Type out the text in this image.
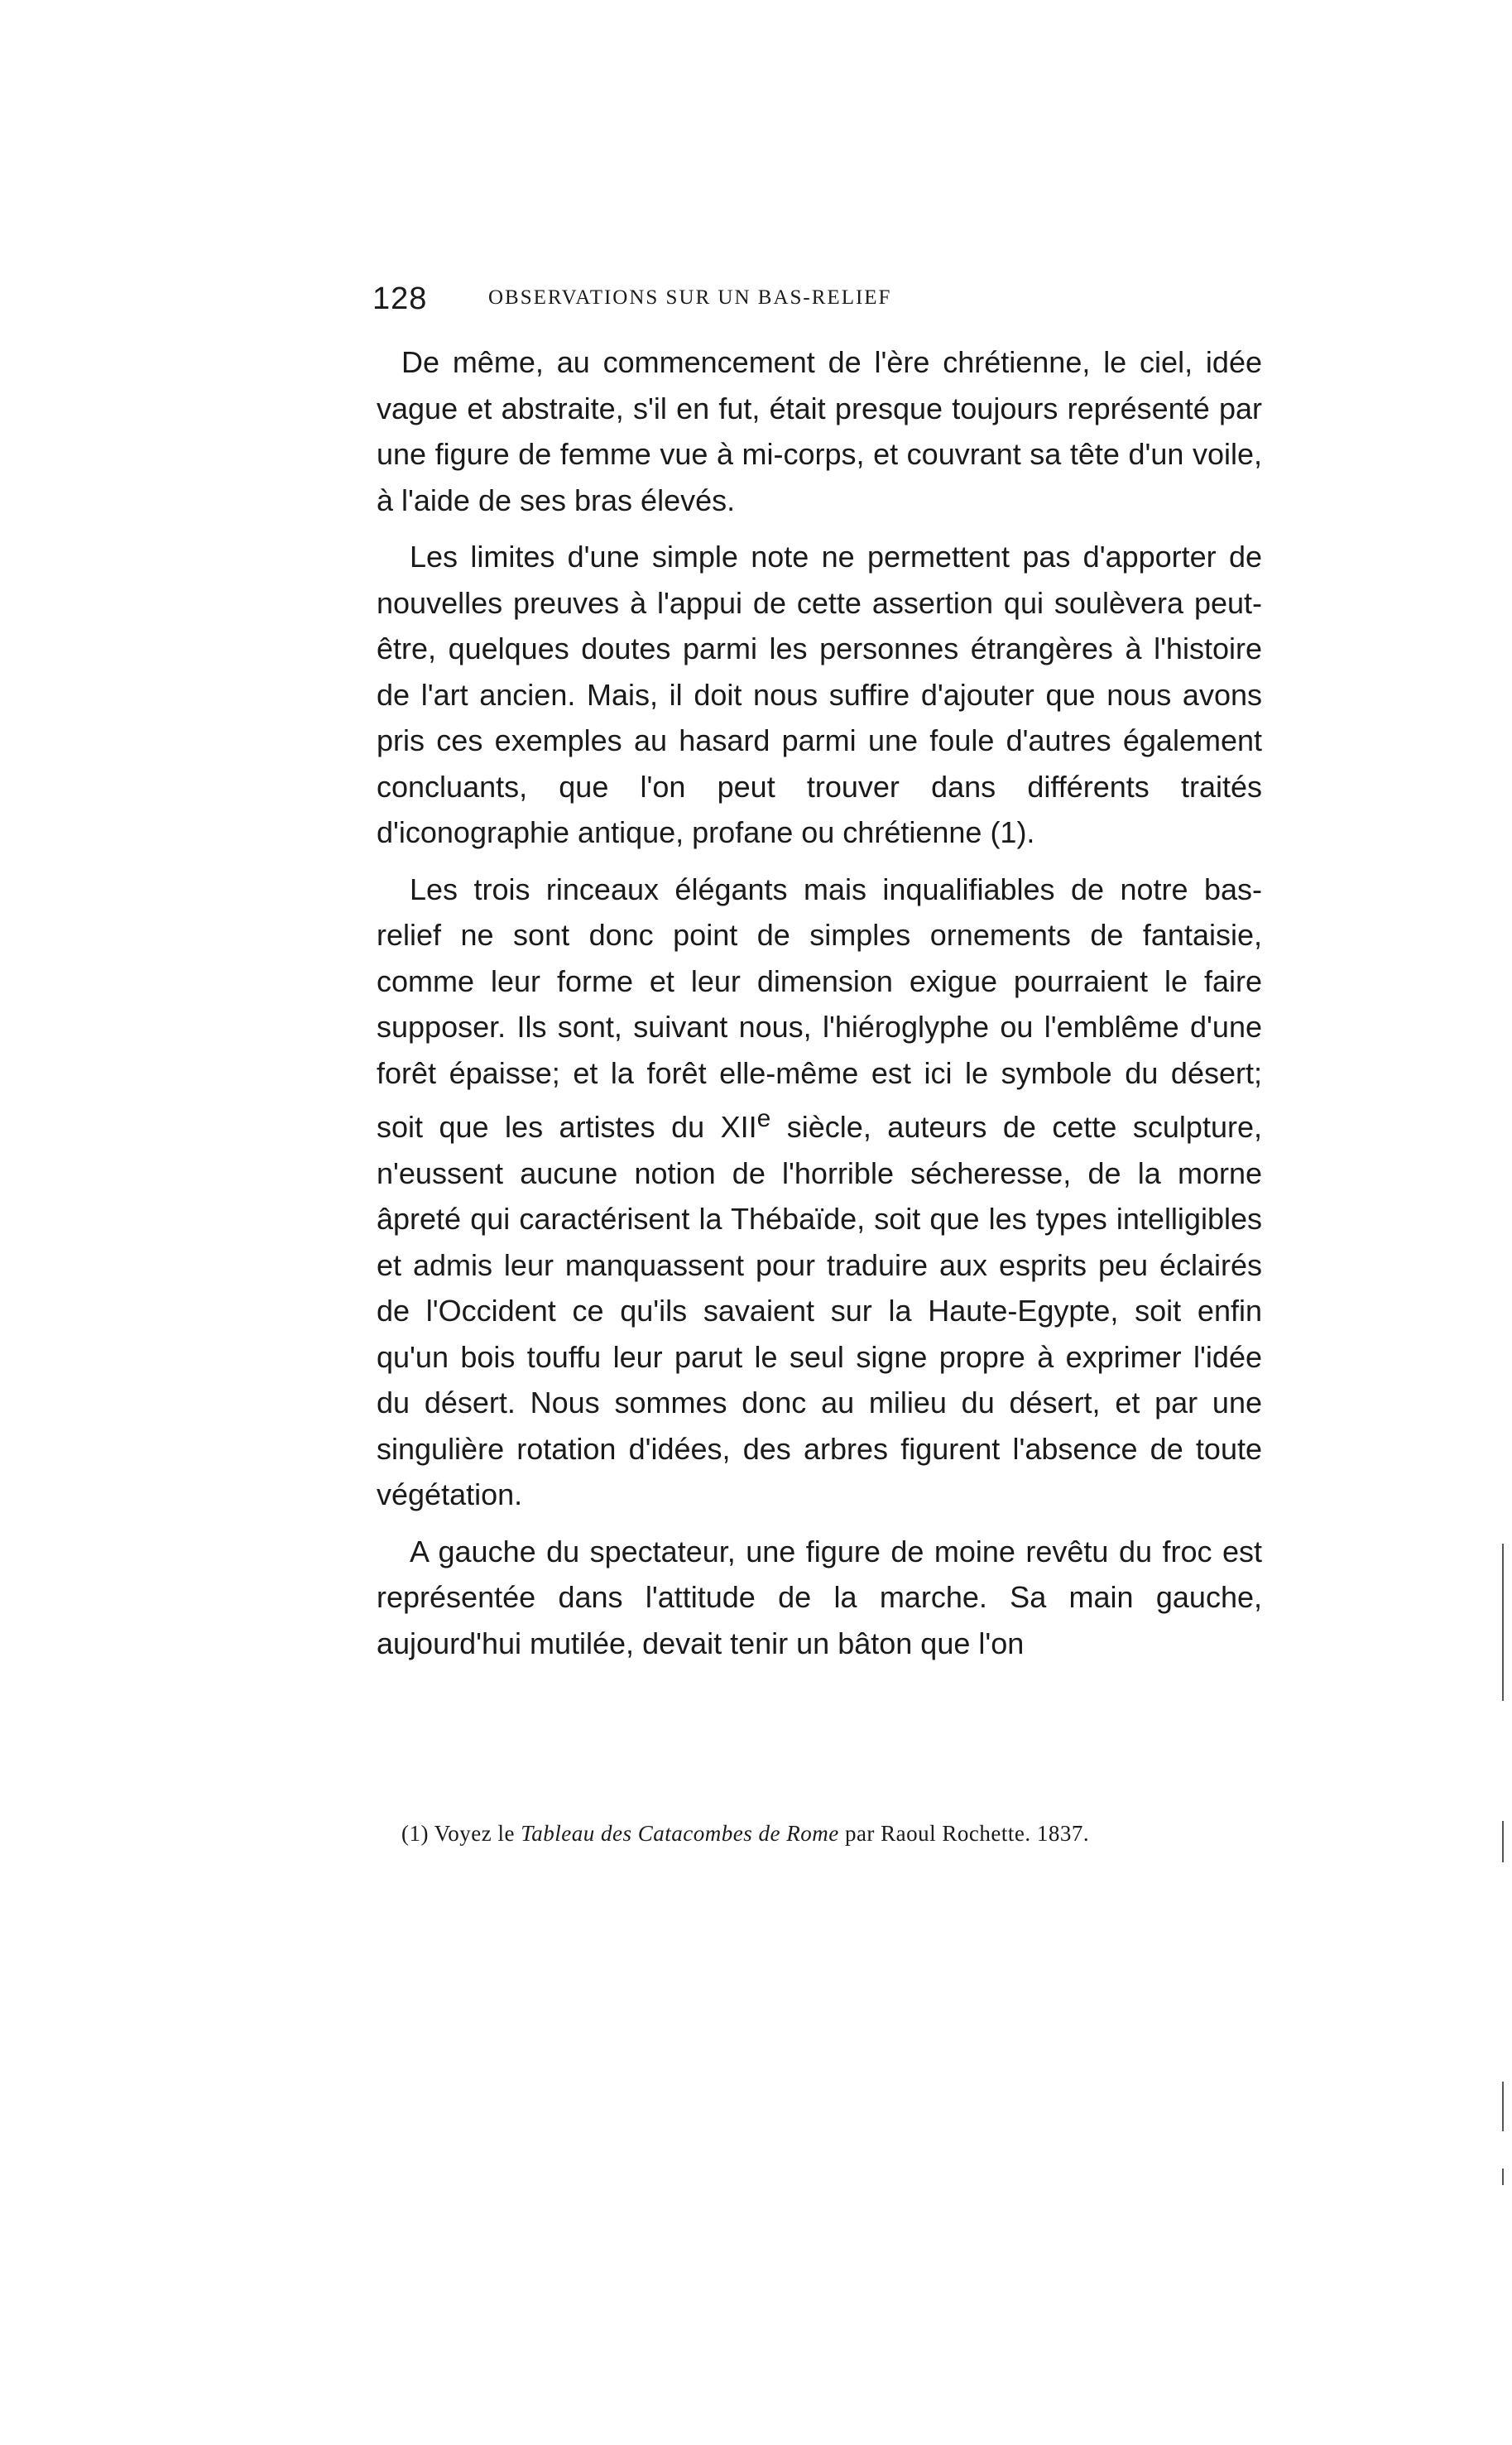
128	OBSERVATIONS SUR UN BAS-RELIEF

De même, au commencement de l'ère chrétienne, le ciel, idée vague et abstraite, s'il en fut, était presque toujours représenté par une figure de femme vue à mi-corps, et couvrant sa tête d'un voile, à l'aide de ses bras élevés.

Les limites d'une simple note ne permettent pas d'apporter de nouvelles preuves à l'appui de cette assertion qui soulèvera peut-être, quelques doutes parmi les personnes étrangères à l'histoire de l'art ancien. Mais, il doit nous suffire d'ajouter que nous avons pris ces exemples au hasard parmi une foule d'autres également concluants, que l'on peut trouver dans différents traités d'iconographie antique, profane ou chrétienne (1).

Les trois rinceaux élégants mais inqualifiables de notre bas-relief ne sont donc point de simples ornements de fantaisie, comme leur forme et leur dimension exigue pourraient le faire supposer. Ils sont, suivant nous, l'hiéroglyphe ou l'emblême d'une forêt épaisse; et la forêt elle-même est ici le symbole du désert; soit que les artistes du XIIe siècle, auteurs de cette sculpture, n'eussent aucune notion de l'horrible sécheresse, de la morne âpreté qui caractérisent la Thébaïde, soit que les types intelligibles et admis leur manquassent pour traduire aux esprits peu éclairés de l'Occident ce qu'ils savaient sur la Haute-Egypte, soit enfin qu'un bois touffu leur parut le seul signe propre à exprimer l'idée du désert. Nous sommes donc au milieu du désert, et par une singulière rotation d'idées, des arbres figurent l'absence de toute végétation.

A gauche du spectateur, une figure de moine revêtu du froc est représentée dans l'attitude de la marche. Sa main gauche, aujourd'hui mutilée, devait tenir un bâton que l'on

(1) Voyez le Tableau des Catacombes de Rome par Raoul Rochette. 1837.
